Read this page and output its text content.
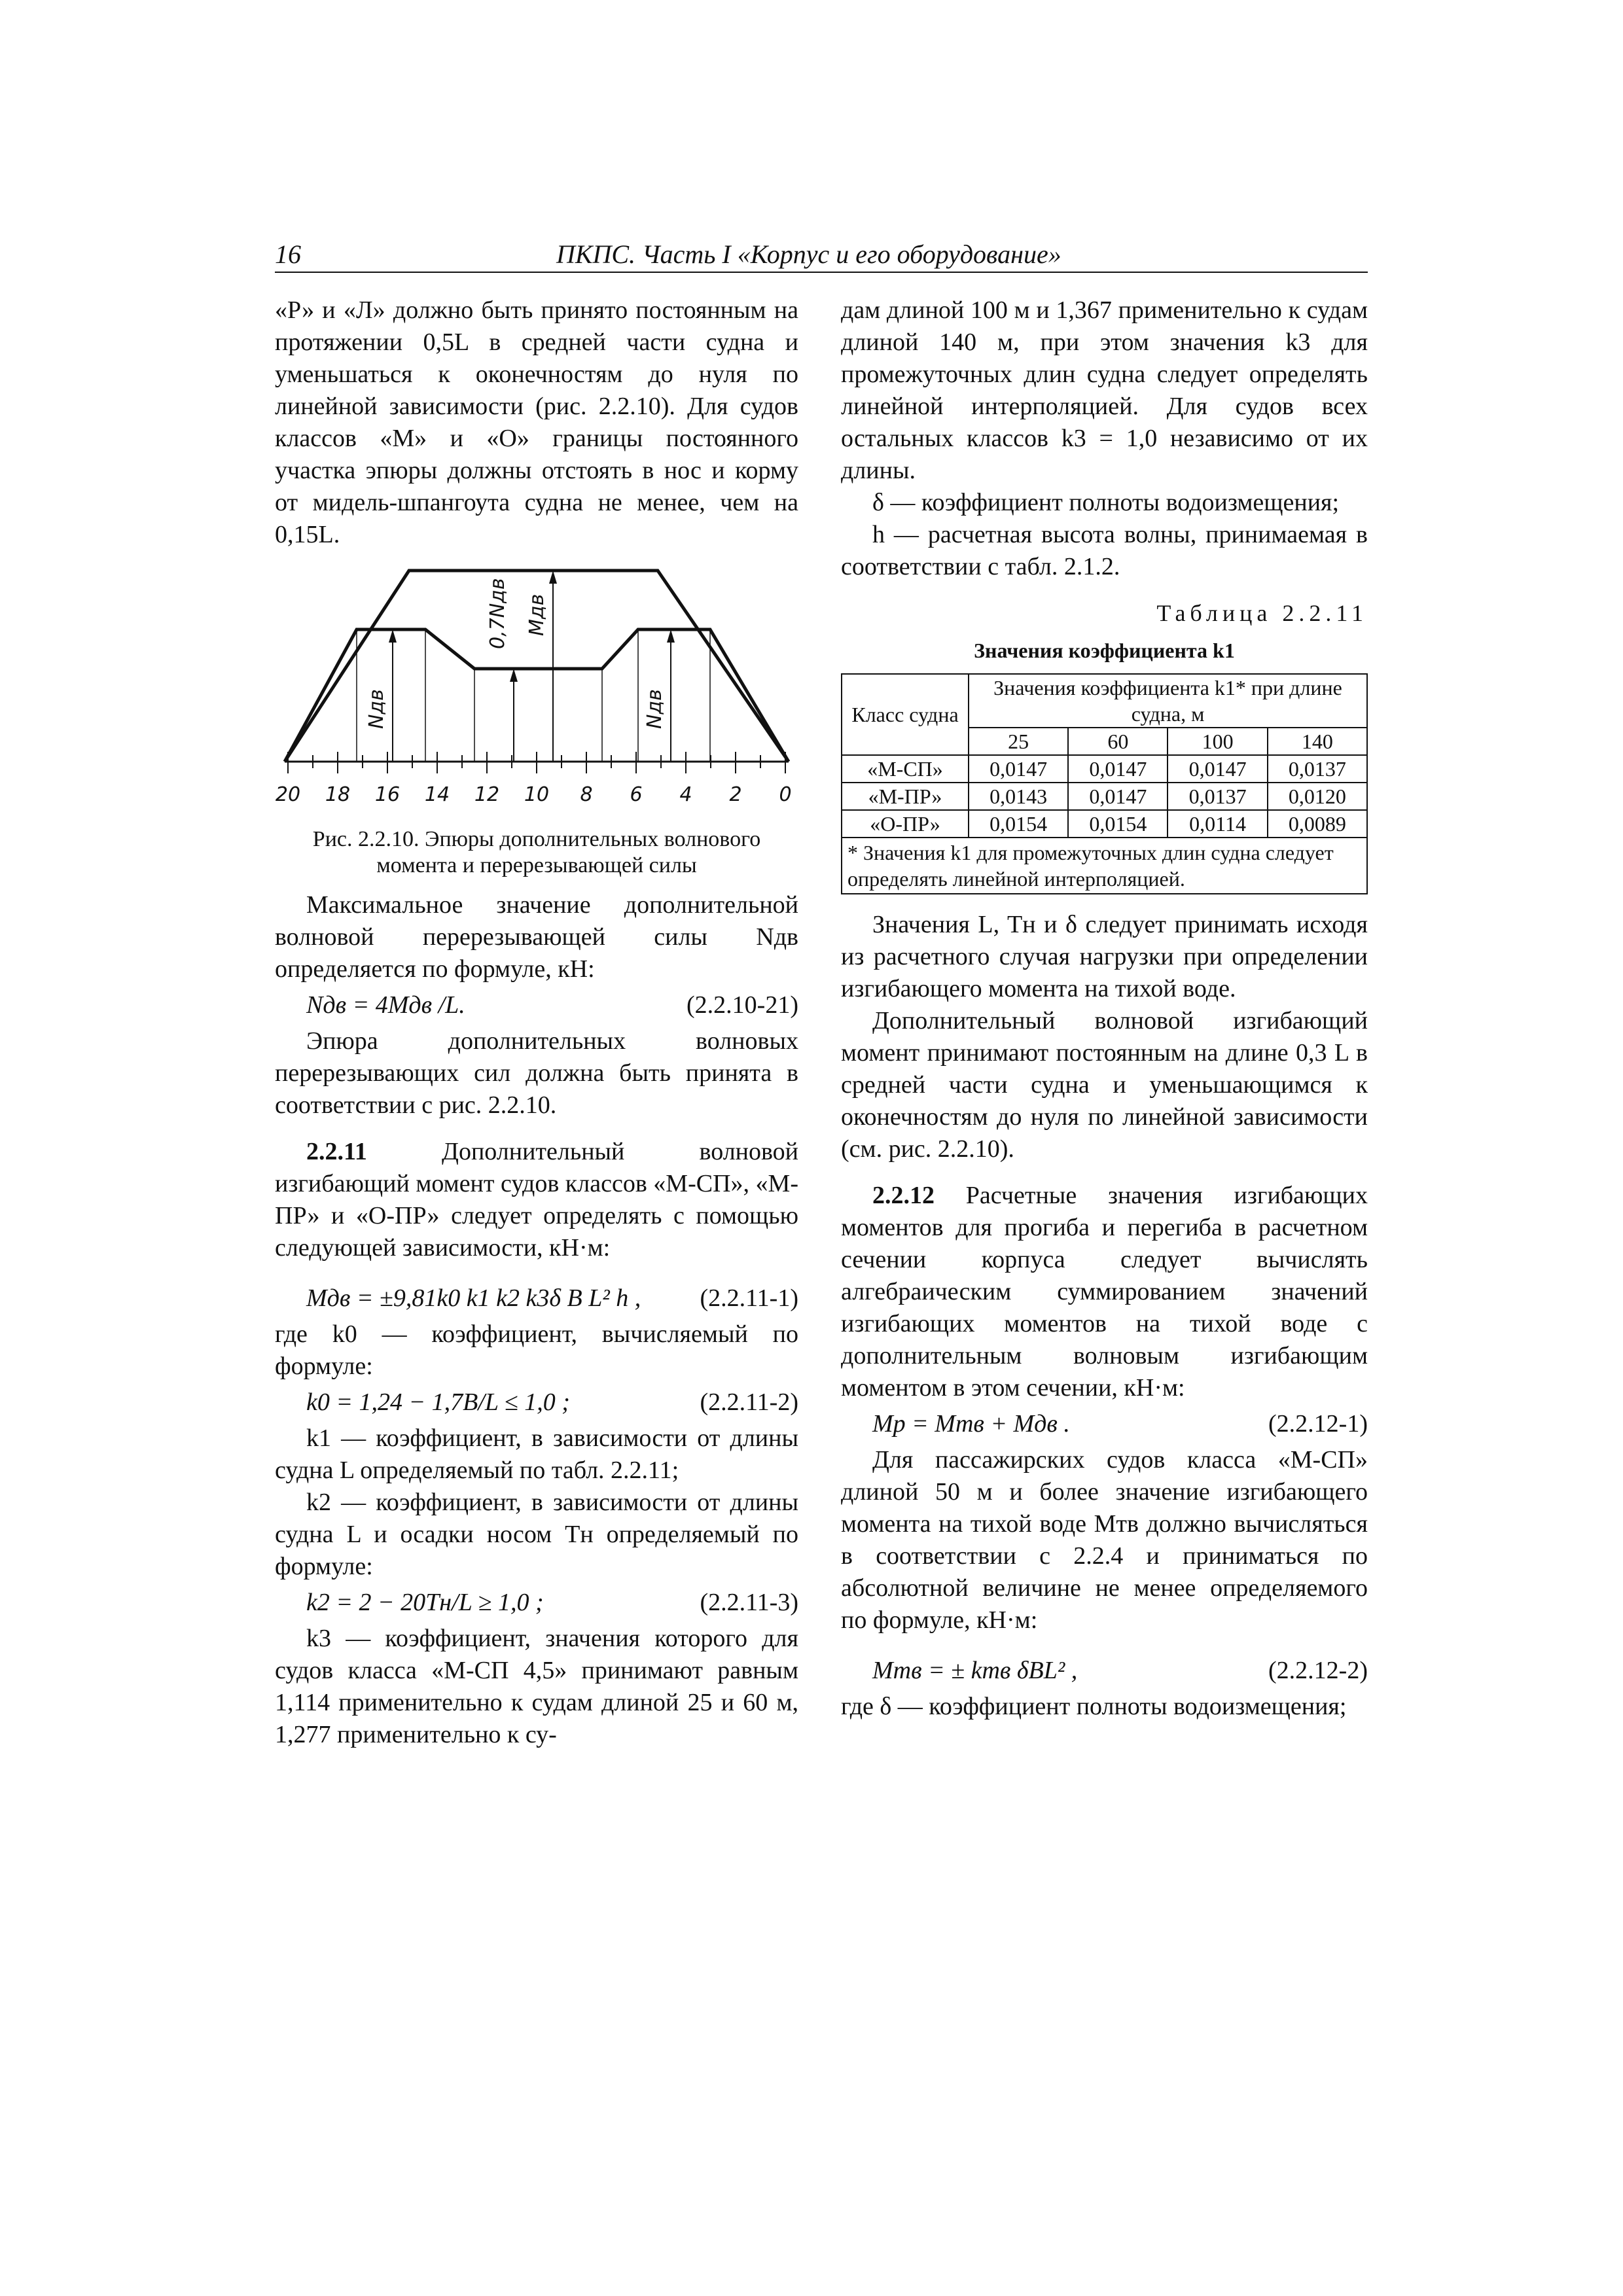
16	ПКПС. Часть I «Корпус и его оборудование»

«Р» и «Л» должно быть принято постоянным на протяжении 0,5L в средней части судна и уменьшаться к оконечностям до нуля по линейной зависимости (рис. 2.2.10). Для судов классов «М» и «О» границы постоянного участка эпюры должны отстоять в нос и корму от мидель-шпангоута судна не менее, чем на 0,15L.

Nдв
0,7Nдв Mдв
Nдв
20 18 16 14 12 10 8 6 4 2 0
Рис. 2.2.10. Эпюры дополнительных волнового
момента и перерезывающей силы

Максимальное значение дополнительной волновой перерезывающей силы Nдв определяется по формуле, кН:

Nдв = 4Mдв /L.	(2.2.10-21)

Эпюра дополнительных волновых перерезывающих сил должна быть принята в соответствии с рис. 2.2.10.

2.2.11	Дополнительный волновой изгибающий момент судов классов «М-СП», «М-ПР» и «О-ПР» следует определять с помощью следующей зависимости, кН·м:

Mдв = ±9,81k0 k1 k2 k3δ B L² h , (2.2.11-1)

где k0 — коэффициент, вычисляемый по формуле:

k0 = 1,24 − 1,7B/L ≤ 1,0 ;	(2.2.11-2)

k1 — коэффициент, в зависимости от длины судна L определяемый по табл. 2.2.11;

k2 — коэффициент, в зависимости от длины судна L и осадки носом Tн определяемый по формуле:

k2 = 2 − 20Tн/L ≥ 1,0 ;	(2.2.11-3)

k3 — коэффициент, значения которого для судов класса «М-СП 4,5» принимают равным 1,114 применительно к судам длиной 25 и 60 м, 1,277 применительно к су-

дам длиной 100 м и 1,367 применительно к судам длиной 140 м, при этом значения k3 для промежуточных длин судна следует определять линейной интерполяцией. Для судов всех остальных классов k3 = 1,0 независимо от их длины.

δ — коэффициент полноты водоизмещения;

h — расчетная высота волны, принимаемая в соответствии с табл. 2.1.2.

Таблица 2.2.11
Значения коэффициента k1
Класс судна	Значения коэффициента k1* при длине судна, м			
	25	60	100	140
«М-СП»	0,0147	0,0147	0,0147	0,0137
«М-ПР»	0,0143	0,0147	0,0137	0,0120
«О-ПР»	0,0154	0,0154	0,0114	0,0089
* Значения k1 для промежуточных длин судна следует определять линейной интерполяцией.				

Значения L, Tн и δ следует принимать исходя из расчетного случая нагрузки при определении изгибающего момента на тихой воде.

Дополнительный волновой изгибающий момент принимают постоянным на длине 0,3 L в средней части судна и уменьшающимся к оконечностям до нуля по линейной зависимости (см. рис. 2.2.10).

2.2.12 Расчетные значения изгибающих моментов для прогиба и перегиба в расчетном сечении корпуса следует вычислять алгебраическим суммированием значений изгибающих моментов на тихой воде с дополнительным волновым изгибающим моментом в этом сечении, кН·м:

Mр = Mтв + Mдв .	(2.2.12-1)

Для пассажирских судов класса «М-СП» длиной 50 м и более значение изгибающего момента на тихой воде Mтв должно вычисляться в соответствии с 2.2.4 и приниматься по абсолютной величине не менее определяемого по формуле, кН·м:

Mтв = ± kтв δBL² ,	(2.2.12-2)

где δ — коэффициент полноты водоизмещения;
